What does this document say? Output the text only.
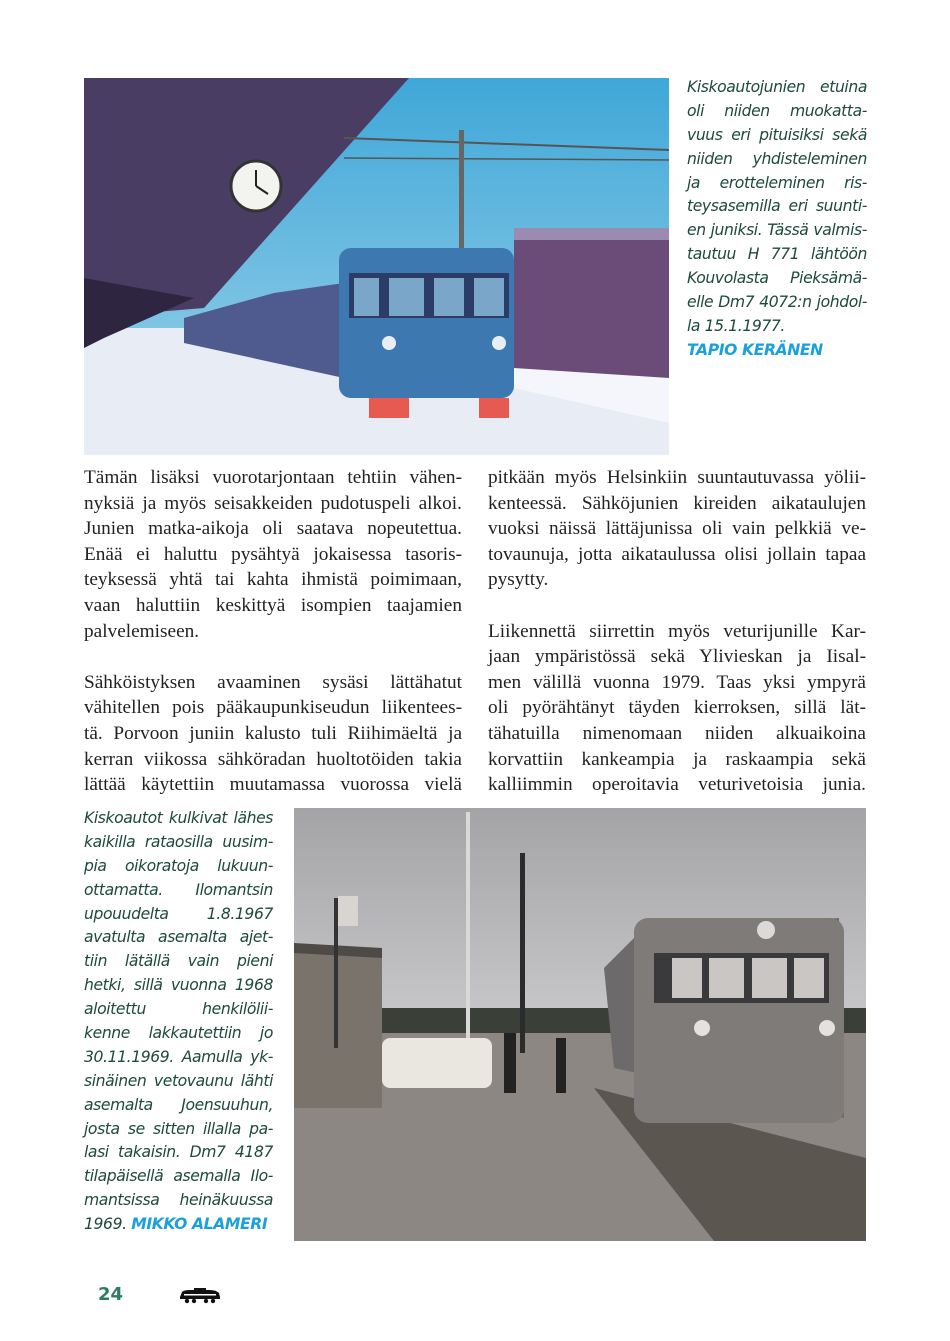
Kiskoautojunien etuina
oli niiden muokatta-
vuus eri pituisiksi sekä
niiden yhdisteleminen
ja erotteleminen ris-
teysasemilla eri suunti-
en juniksi. Tässä valmis-
tautuu H 771 lähtöön
Kouvolasta Pieksämä-
elle Dm7 4072:n johdol-
la 15.1.1977.
TAPIO KERÄNEN
Tämän lisäksi vuorotarjontaan tehtiin vähen-
nyksiä ja myös seisakkeiden pudotuspeli alkoi.
Junien matka-aikoja oli saatava nopeutettua.
Enää ei haluttu pysähtyä jokaisessa tasoris-
teyksessä yhtä tai kahta ihmistä poimimaan,
vaan haluttiin keskittyä isompien taajamien
palvelemiseen.
Sähköistyksen avaaminen sysäsi lättähatut
vähitellen pois pääkaupunkiseudun liikentees-
tä. Porvoon juniin kalusto tuli Riihimäeltä ja
kerran viikossa sähköradan huoltotöiden takia
lättää käytettiin muutamassa vuorossa vielä
pitkään myös Helsinkiin suuntautuvassa yölii-
kenteessä. Sähköjunien kireiden aikataulujen
vuoksi näissä lättäjunissa oli vain pelkkiä ve-
tovaunuja, jotta aikataulussa olisi jollain tapaa
pysytty.
Liikennettä siirrettin myös veturijunille Kar-
jaan ympäristössä sekä Ylivieskan ja Iisal-
men välillä vuonna 1979. Taas yksi ympyrä
oli pyörähtänyt täyden kierroksen, sillä lät-
tähatuilla nimenomaan niiden alkuaikoina
korvattiin kankeampia ja raskaampia sekä
kalliimmin operoitavia veturivetoisia junia.
Kiskoautot kulkivat lähes
kaikilla rataosilla uusim-
pia oikoratoja lukuun-
ottamatta. Ilomantsin
upouudelta 1.8.1967
avatulta asemalta ajet-
tiin lätällä vain pieni
hetki, sillä vuonna 1968
aloitettu henkilölii-
kenne lakkautettiin jo
30.11.1969. Aamulla yk-
sinäinen vetovaunu lähti
asemalta Joensuuhun,
josta se sitten illalla pa-
lasi takaisin. Dm7 4187
tilapäisellä asemalla Ilo-
mantsissa heinäkuussa
1969. MIKKO ALAMERI
24
